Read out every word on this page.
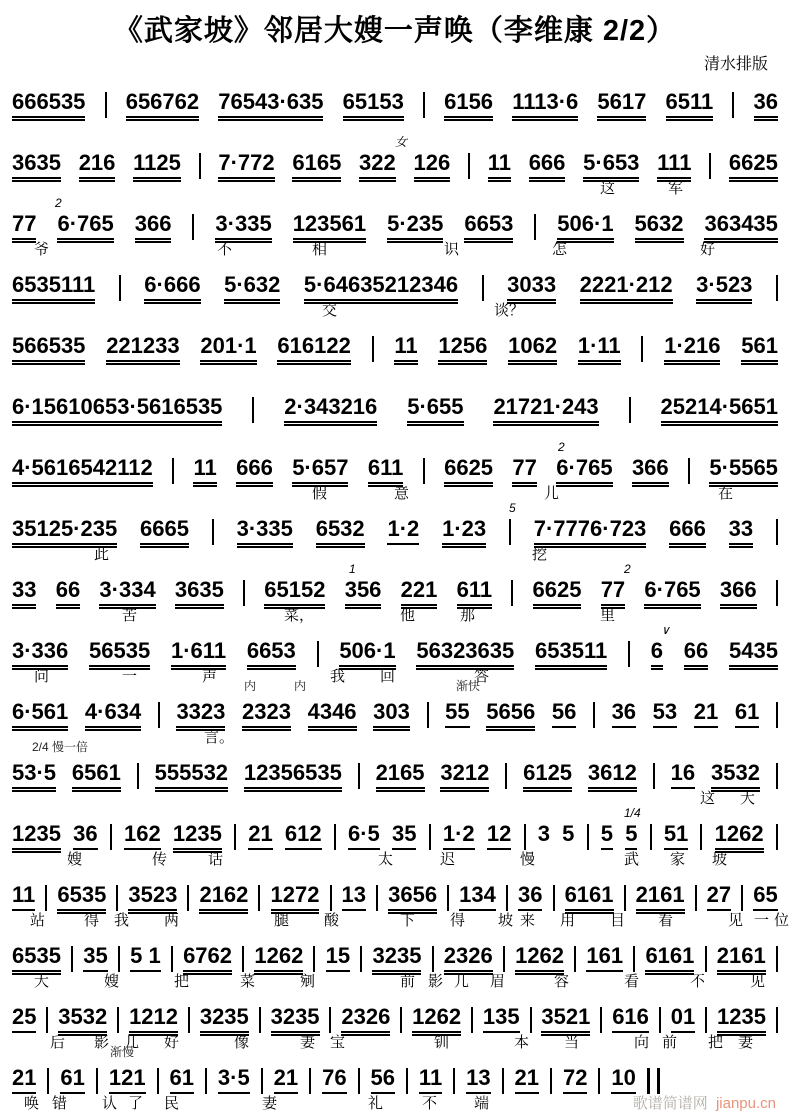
《武家坡》邻居大嫂一声唤（李维康 2/2）
清水排版
666535 656762 76543·635 65153 6156 1113·6 5617 6511 36
3635 216 1125 7·772 6165 322 126 11 666 5·653 111 6625
这	军
女
77 6·765 366 3·335 123561 5·235 6653 506·1 5632 363435
爷	不	相	识	怎	好
2
6535111 6·666 5·632 5·64635212346 3033 2221·212 3·523
交	谈？
566535 221233 201·1 616122 11 1256 1062 1·11 1·216 561
6·15610653·5616535	2·343216 5·655 21721·243	25214·5651
4·5616542112 11 666 5·657 611 6625 77 6·765 366 5·5565
假	意	儿	在
2
35125·235 6665 3·335 6532 1·2 1·23 7·7776·723 666 33
此	挖
5
33 66 3·334 3635 65152 356 221 611 6625 77 6·765 366
苦	菜，	他	那	里
1	2
3·336 56535 1·611 6653 506·1 56323635 653511 6 66 5435
问	一	声
内	内
我 回	答
渐快
∨
6·561 4·634 3323 2323 4346 303 55 5656 56 36 53 21 61
2/4 慢一倍
言。
53·5 6561 555532 12356535 2165 3212 6125 3612 16 3532
这 大
1235 36 162 1235 21 612 6·5 35 1·2 12 3 5 5 5 51 1262
嫂	传	话	太	迟	慢	武 家 坡
1/4
11 6535 3523 2162 1272 13 3656 134 36 6161 2161 27 65
站	得 我 两	腿 酸	下 得 坡 来 用 目 看	见 一 位
6535 35 5 1 6762 1262 15 3235 2326 1262 161 6161 2161
大	嫂	把	菜	剜	前 影 儿 眉	容	看	不	见
25 3532 1212 3235 3235 2326 1262 135 3521 616 01 1235
后 影 儿
渐慢
好	像	妻 宝	钏	本 当	向 前 把 妻
21 61 121 61 3·5 21 76 56 11 13 21 72 10
唤 错 认 了 民	妻	礼	不 端	歌谱简谱网 jianpu.cn
